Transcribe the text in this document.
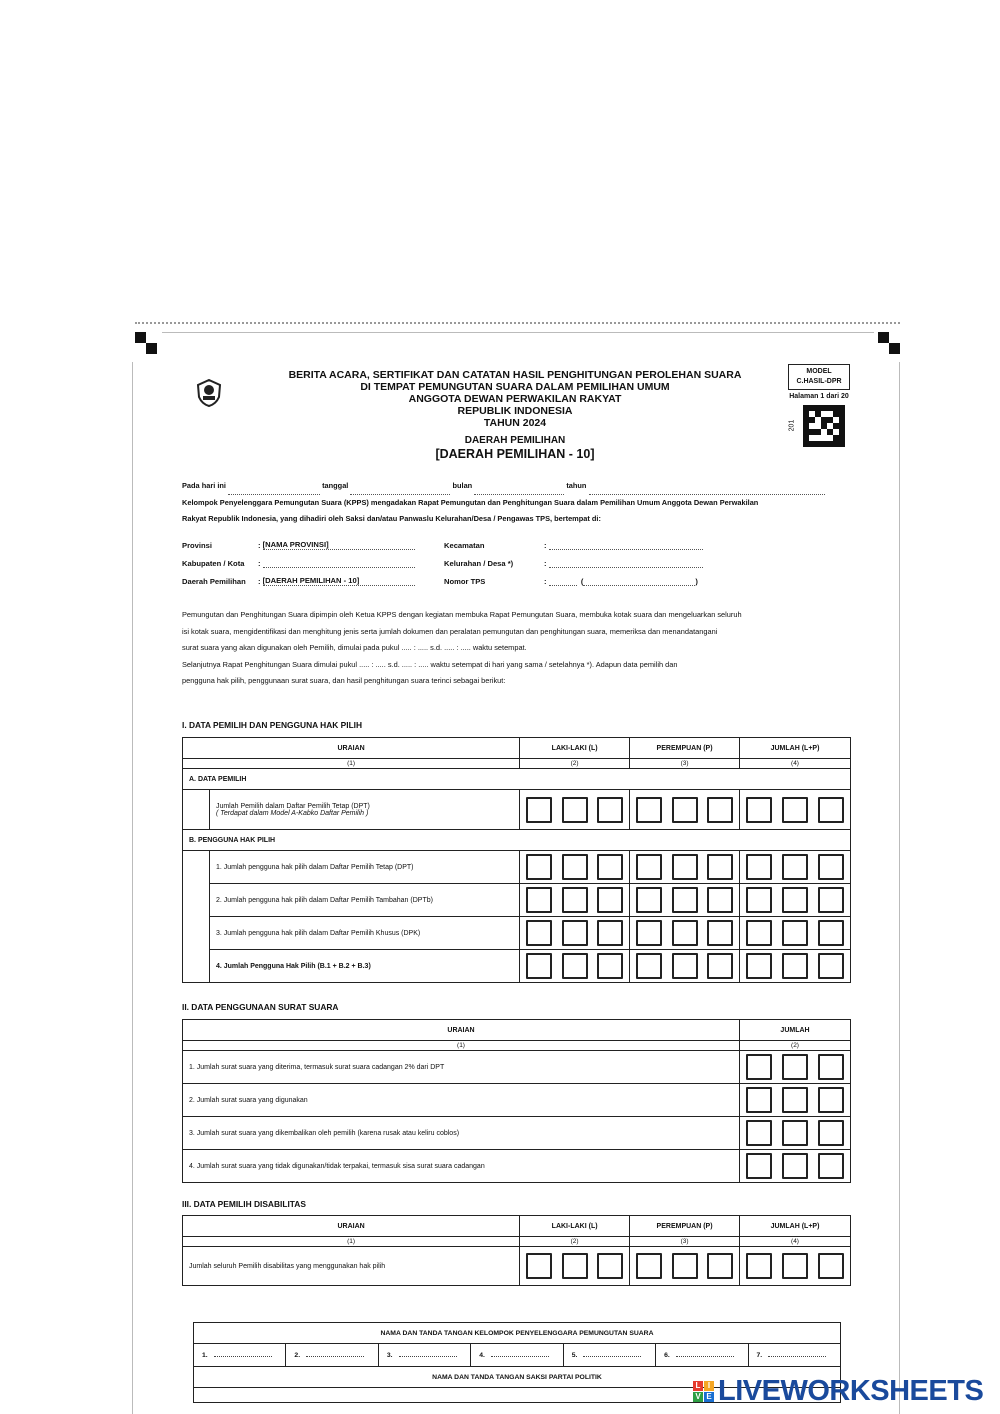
BERITA ACARA, SERTIFIKAT DAN CATATAN HASIL PENGHITUNGAN PEROLEHAN SUARA
DI TEMPAT PEMUNGUTAN SUARA DALAM PEMILIHAN UMUM
ANGGOTA DEWAN PERWAKILAN RAKYAT
REPUBLIK INDONESIA
TAHUN 2024
DAERAH PEMILIHAN
[DAERAH PEMILIHAN - 10]
MODEL
C.HASIL-DPR
Halaman 1 dari 20
201
Pada hari ini	tanggal	bulan	tahun
Kelompok Penyelenggara Pemungutan Suara (KPPS) mengadakan Rapat Pemungutan dan Penghitungan Suara dalam Pemilihan Umum Anggota Dewan Perwakilan
Rakyat Republik Indonesia, yang dihadiri oleh Saksi dan/atau Panwaslu Kelurahan/Desa / Pengawas TPS, bertempat di:
Provinsi	: [NAMA PROVINSI]
Kabupaten / Kota :
Daerah Pemilihan : [DAERAH PEMILIHAN - 10]
Kecamatan	:
Kelurahan / Desa *)	:
Nomor TPS	:	(	)
Pemungutan dan Penghitungan Suara dipimpin oleh Ketua KPPS dengan kegiatan membuka Rapat Pemungutan Suara, membuka kotak suara dan mengeluarkan seluruh
isi kotak suara, mengidentifikasi dan menghitung jenis serta jumlah dokumen dan peralatan pemungutan dan penghitungan suara, memeriksa dan menandatangani
surat suara yang akan digunakan oleh Pemilih, dimulai pada pukul ..... : ..... s.d. ..... : ..... waktu setempat.
Selanjutnya Rapat Penghitungan Suara dimulai pukul ..... : ..... s.d. ..... : ..... waktu setempat di hari yang sama / setelahnya *). Adapun data pemilih dan
pengguna hak pilih, penggunaan surat suara, dan hasil penghitungan suara terinci sebagai berikut:
I. DATA PEMILIH DAN PENGGUNA HAK PILIH
URAIAN		LAKI-LAKI (L)	PEREMPUAN (P)	JUMLAH (L+P)
(1)		(2)	(3)	(4)
A. DATA PEMILIH				

	Jumlah Pemilih dalam Daftar Pemilih Tetap (DPT)
( Terdapat dalam Model A-Kabko Daftar Pemilih )			

B. PENGGUNA HAK PILIH				
	1. Jumlah pengguna hak pilih dalam Daftar Pemilih Tetap (DPT)	

	2. Jumlah pengguna hak pilih dalam Daftar Pemilih Tambahan (DPTb)	

	3. Jumlah pengguna hak pilih dalam Daftar Pemilih Khusus (DPK)	

	4. Jumlah Pengguna Hak Pilih (B.1 + B.2 + B.3)	

II. DATA PENGGUNAAN SURAT SUARA
URAIAN	JUMLAH
(1)	(2)
1. Jumlah surat suara yang diterima, termasuk surat suara cadangan 2% dari DPT	

2. Jumlah surat suara yang digunakan	

3. Jumlah surat suara yang dikembalikan oleh pemilih (karena rusak atau keliru coblos)	

4. Jumlah surat suara yang tidak digunakan/tidak terpakai, termasuk sisa surat suara cadangan	
III. DATA PEMILIH DISABILITAS
URAIAN	LAKI-LAKI (L)	PEREMPUAN (P)	JUMLAH (L+P)
(1)	(2)	(3)	(4)
Jumlah seluruh Pemilih disabilitas yang menggunakan hak pilih	

NAMA DAN TANDA TANGAN KELOMPOK PENYELENGGARA PEMUNGUTAN SUARA
1.	2.	3.	4.	5.	6.	7.
NAMA DAN TANDA TANGAN SAKSI PARTAI POLITIK

L I
V E LIVEWORKSHEETS
